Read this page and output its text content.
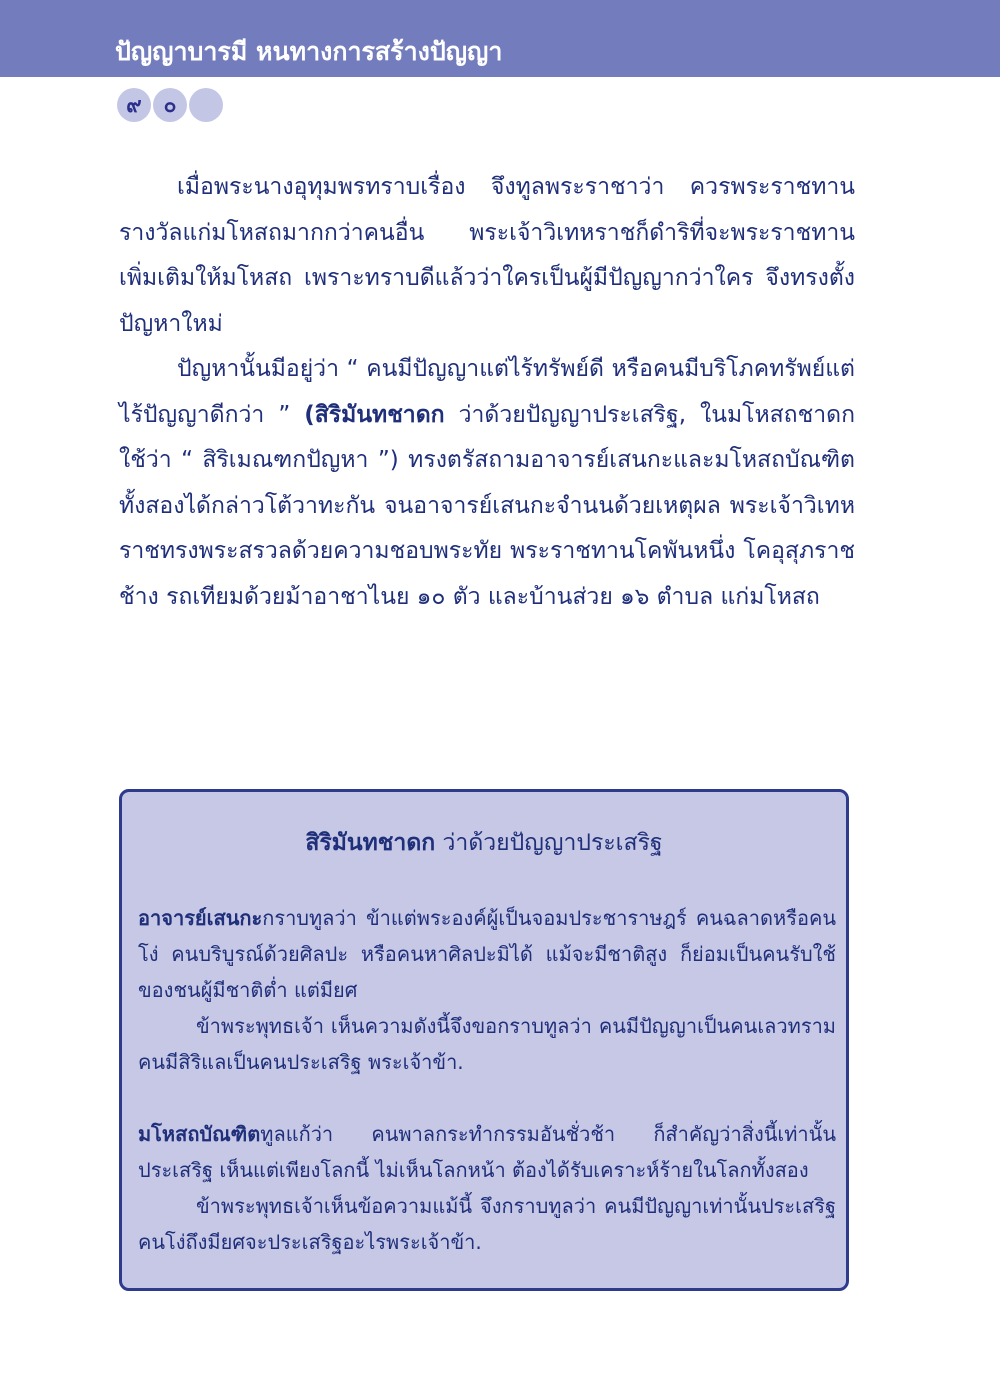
ปัญญาบารมี หนทางการสร้างปัญญา
๙	๐

เมื่อพระนางอุทุมพรทราบเรื่อง จึงทูลพระราชาว่า ควรพระราชทานรางวัลแก่มโหสถมากกว่าคนอื่น พระเจ้าวิเทหราชก็ดำริที่จะพระราชทานเพิ่มเติมให้มโหสถ เพราะทราบดีแล้วว่าใครเป็นผู้มีปัญญากว่าใคร จึงทรงตั้งปัญหาใหม่

ปัญหานั้นมีอยู่ว่า “ คนมีปัญญาแต่ไร้ทรัพย์ดี หรือคนมีบริโภคทรัพย์แต่ไร้ปัญญาดีกว่า ” (สิริมันทชาดก ว่าด้วยปัญญาประเสริฐ, ในมโหสถชาดก ใช้ว่า “ สิริเมณฑกปัญหา ”) ทรงตรัสถามอาจารย์เสนกะและมโหสถบัณฑิต ทั้งสองได้กล่าวโต้วาทะกัน จนอาจารย์เสนกะจำนนด้วยเหตุผล พระเจ้าวิเทหราชทรงพระสรวลด้วยความชอบพระทัย พระราชทานโคพันหนึ่ง โคอุสุภราช ช้าง รถเทียมด้วยม้าอาชาไนย ๑๐ ตัว และบ้านส่วย ๑๖ ตำบล แก่มโหสถ

สิริมันทชาดก ว่าด้วยปัญญาประเสริฐ

อาจารย์เสนกะกราบทูลว่า ข้าแต่พระองค์ผู้เป็นจอมประชาราษฎร์ คนฉลาดหรือคนโง่ คนบริบูรณ์ด้วยศิลปะ หรือคนหาศิลปะมิได้ แม้จะมีชาติสูง ก็ย่อมเป็นคนรับใช้ของชนผู้มีชาติต่ำ แต่มียศ

ข้าพระพุทธเจ้า เห็นความดังนี้จึงขอกราบทูลว่า คนมีปัญญาเป็นคนเลวทราม คนมีสิริแลเป็นคนประเสริฐ พระเจ้าข้า.

มโหสถบัณฑิตทูลแก้ว่า คนพาลกระทำกรรมอันชั่วช้า ก็สำคัญว่าสิ่งนี้เท่านั้นประเสริฐ เห็นแต่เพียงโลกนี้ ไม่เห็นโลกหน้า ต้องได้รับเคราะห์ร้ายในโลกทั้งสอง

ข้าพระพุทธเจ้าเห็นข้อความแม้นี้ จึงกราบทูลว่า คนมีปัญญาเท่านั้นประเสริฐ คนโง่ถึงมียศจะประเสริฐอะไรพระเจ้าข้า.
